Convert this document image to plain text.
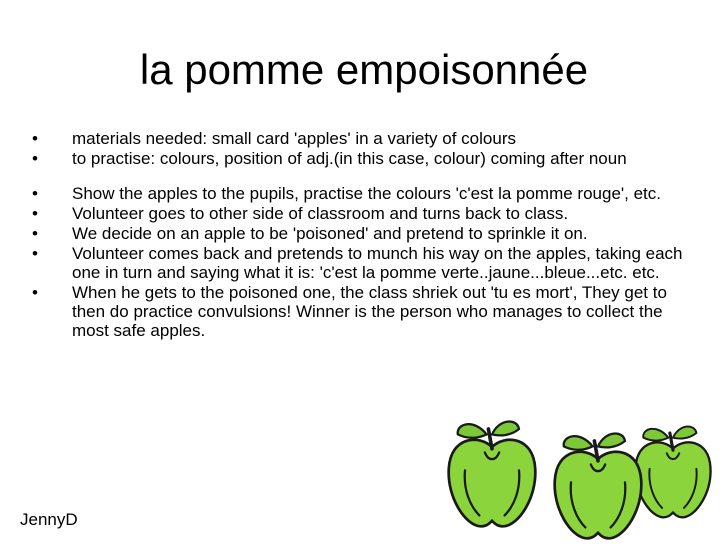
la pomme empoisonnée
• materials needed: small card 'apples' in a variety of colours
• to practise: colours, position of adj.(in this case, colour) coming after noun
• Show the apples to the pupils, practise the colours 'c'est la pomme rouge', etc.
• Volunteer goes to other side of classroom and turns back to class.
• We decide on an apple to be 'poisoned' and pretend to sprinkle it on.
• Volunteer comes back and pretends to munch his way on the apples, taking each one in turn and saying what it is: 'c'est la pomme verte..jaune...bleue...etc. etc.
• When he gets to the poisoned one, the class shriek out 'tu es mort', They get to then do practice convulsions! Winner is the person who manages to collect the most safe apples.
JennyD
